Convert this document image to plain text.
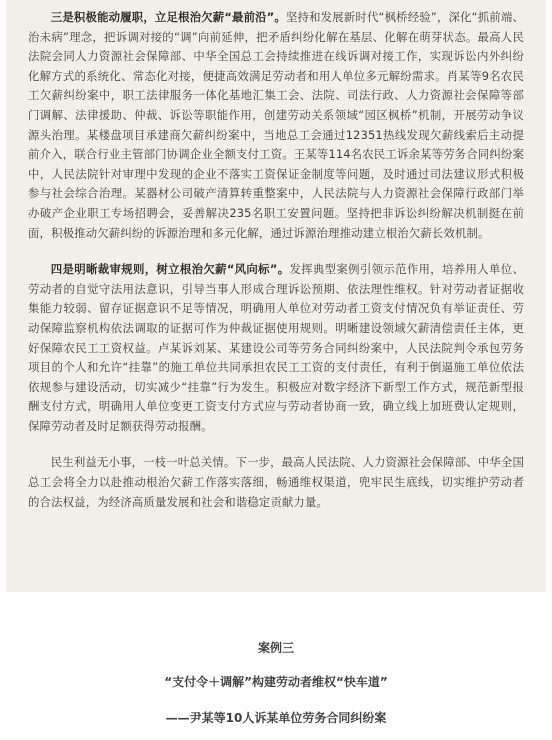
三是积极能动履职，立足根治欠薪“最前沿”。坚持和发展新时代“枫桥经验”，深化“抓前端、治未病”理念，把诉调对接的“调”向前延伸，把矛盾纠纷化解在基层、化解在萌芽状态。最高人民法院会同人力资源社会保障部、中华全国总工会持续推进在线诉调对接工作，实现诉讼内外纠纷化解方式的系统化、常态化对接，便捷高效满足劳动者和用人单位多元解纷需求。肖某等9名农民工欠薪纠纷案中，职工法律服务一体化基地汇集工会、法院、司法行政、人力资源社会保障等部门调解、法律援助、仲裁、诉讼等职能作用，创建劳动关系领域“园区枫桥”机制，开展劳动争议源头治理。某楼盘项目承建商欠薪纠纷案中，当地总工会通过12351热线发现欠薪线索后主动提前介入，联合行业主管部门协调企业全额支付工资。王某等114名农民工诉余某等劳务合同纠纷案中，人民法院针对审理中发现的企业不落实工资保证金制度等问题，及时通过司法建议形式积极参与社会综合治理。某器材公司破产清算转重整案中，人民法院与人力资源社会保障行政部门举办破产企业职工专场招聘会，妥善解决235名职工安置问题。坚持把非诉讼纠纷解决机制挺在前面，积极推动欠薪纠纷的诉源治理和多元化解，通过诉源治理推动建立根治欠薪长效机制。

四是明晰裁审规则，树立根治欠薪“风向标”。发挥典型案例引领示范作用，培养用人单位、劳动者的自觉守法用法意识，引导当事人形成合理诉讼预期、依法理性维权。针对劳动者证据收集能力较弱、留存证据意识不足等情况，明确用人单位对劳动者工资支付情况负有举证责任、劳动保障监察机构依法调取的证据可作为仲裁证据使用规则。明晰建设领域欠薪清偿责任主体，更好保障农民工工资权益。卢某诉刘某、某建设公司等劳务合同纠纷案中，人民法院判令承包劳务项目的个人和允许“挂靠”的施工单位共同承担农民工工资的支付责任，有利于倒逼施工单位依法依规参与建设活动，切实减少“挂靠”行为发生。积极应对数字经济下新型工作方式，规范新型报酬支付方式，明确用人单位变更工资支付方式应与劳动者协商一致，确立线上加班费认定规则，保障劳动者及时足额获得劳动报酬。

民生利益无小事，一枝一叶总关情。下一步，最高人民法院、人力资源社会保障部、中华全国总工会将全力以赴推动根治欠薪工作落实落细，畅通维权渠道，兜牢民生底线，切实维护劳动者的合法权益，为经济高质量发展和社会和谐稳定贡献力量。

案例三

“支付令＋调解”构建劳动者维权“快车道”

——尹某等10人诉某单位劳务合同纠纷案
